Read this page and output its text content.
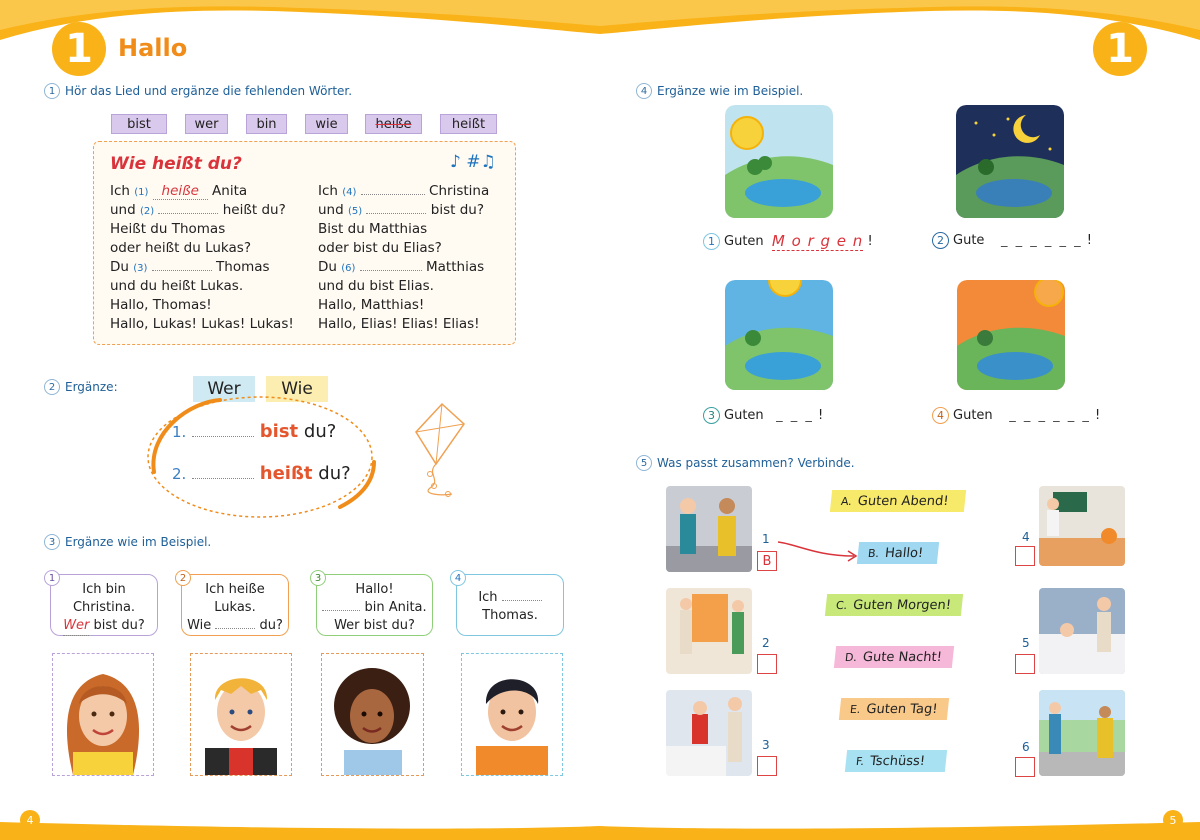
1	1
Hallo
1 Hör das Lied und ergänze die fehlenden Wörter.
bist	wer	bin	wie	heiße	heißt
Wie heißt du?	♪ #♫
Ich (1) heiße Anita
und (2)	heißt du?
Heißt du Thomas
oder heißt du Lukas?
Du (3)	Thomas
und du heißt Lukas.
Hallo, Thomas!
Hallo, Lukas! Lukas! Lukas!
Ich (4)	Christina
und (5)	bist du?
Bist du Matthias
oder bist du Elias?
Du (6)	Matthias
und du bist Elias.
Hallo, Matthias!
Hallo, Elias! Elias! Elias!
2 Ergänze:	Wer	Wie
1.	bist du?
2.	heißt du?
3 Ergänze wie im Beispiel.
Ich bin
Christina.
Wer bist du?
1
Ich heiße
Lukas.
Wie	du?
2
Hallo!
bin Anita.
Wer bist du?
3
Ich
Thomas.
4
4 Ergänze wie im Beispiel.
1 Guten
M o r g e n
!	2 Gute
_ _ _ _ _ _
!
3 Guten
_ _ _
!	4 Guten
_ _ _ _ _ _
!
5 Was passt zusammen? Verbinde.
1
B
2
3
A. Guten Abend!
B. Hallo!
C. Guten Morgen!
D. Gute Nacht!
E. Guten Tag!
F. Tschüss!
4
5
6
4	5
